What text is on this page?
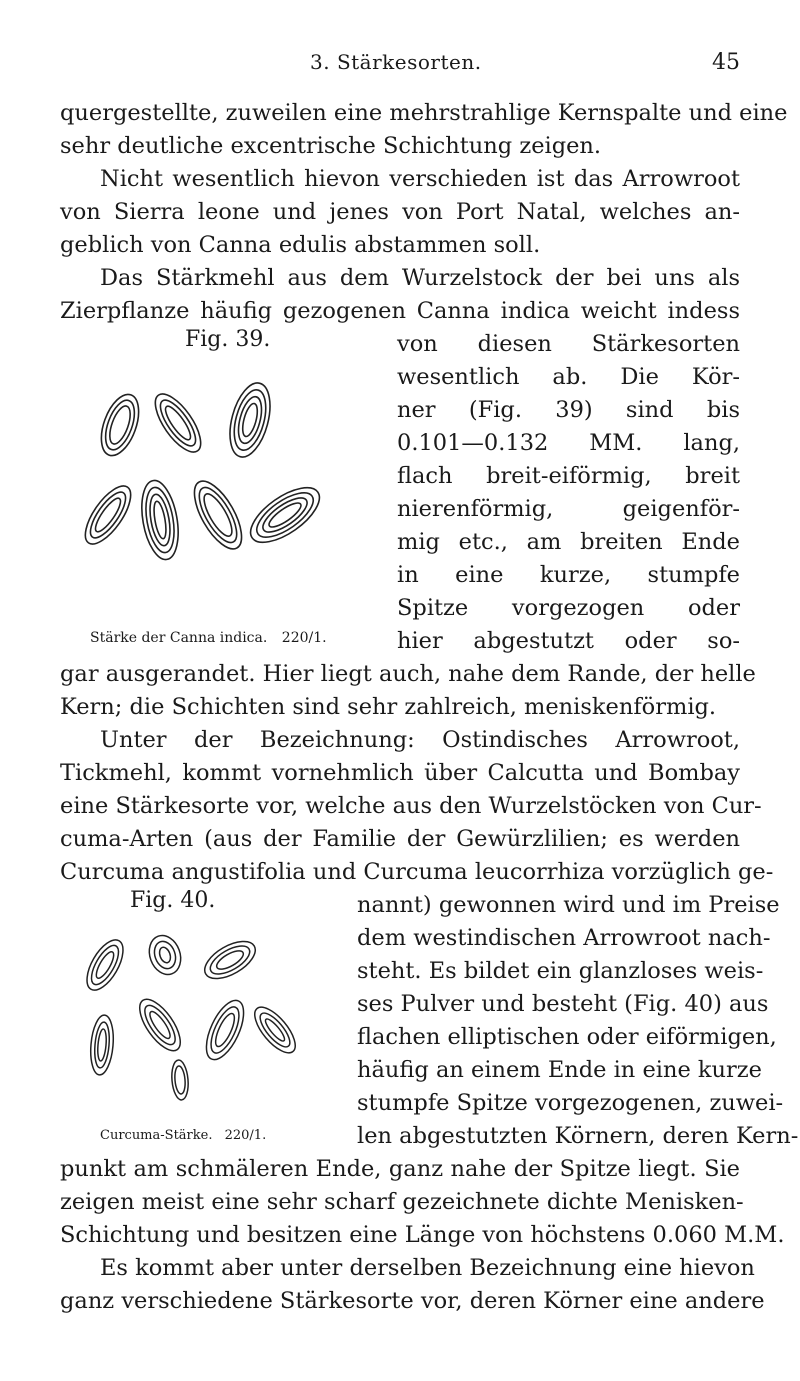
3. Stärkesorten.	45
quergestellte, zuweilen eine mehrstrahlige Kernspalte und eine
sehr deutliche excentrische Schichtung zeigen.
Nicht wesentlich hievon verschieden ist das Arrowroot
von Sierra leone und jenes von Port Natal, welches an-
geblich von Canna edulis abstammen soll.
Das Stärkmehl aus dem Wurzelstock der bei uns als
Zierpflanze häufig gezogenen Canna indica weicht indess
Fig. 39.	von diesen Stärkesorten
wesentlich ab. Die Kör-
ner (Fig. 39) sind bis
0.101—0.132 MM. lang,
flach breit-eiförmig, breit
nierenförmig, geigenför-
mig etc., am breiten Ende
in eine kurze, stumpfe
Spitze vorgezogen oder
hier abgestutzt oder so-
Stärke der Canna indica. 220/1.
gar ausgerandet. Hier liegt auch, nahe dem Rande, der helle
Kern; die Schichten sind sehr zahlreich, meniskenförmig.
Unter der Bezeichnung: Ostindisches Arrowroot,
Tickmehl, kommt vornehmlich über Calcutta und Bombay
eine Stärkesorte vor, welche aus den Wurzelstöcken von Cur-
cuma-Arten (aus der Familie der Gewürzlilien; es werden
Curcuma angustifolia und Curcuma leucorrhiza vorzüglich ge-
Fig. 40.	nannt) gewonnen wird und im Preise
dem westindischen Arrowroot nach-
steht. Es bildet ein glanzloses weis-
ses Pulver und besteht (Fig. 40) aus
flachen elliptischen oder eiförmigen,
häufig an einem Ende in eine kurze
stumpfe Spitze vorgezogenen, zuwei-
len abgestutzten Körnern, deren Kern-
Curcuma-Stärke. 220/1.
punkt am schmäleren Ende, ganz nahe der Spitze liegt. Sie
zeigen meist eine sehr scharf gezeichnete dichte Menisken-
Schichtung und besitzen eine Länge von höchstens 0.060 M.M.
Es kommt aber unter derselben Bezeichnung eine hievon
ganz verschiedene Stärkesorte vor, deren Körner eine andere
